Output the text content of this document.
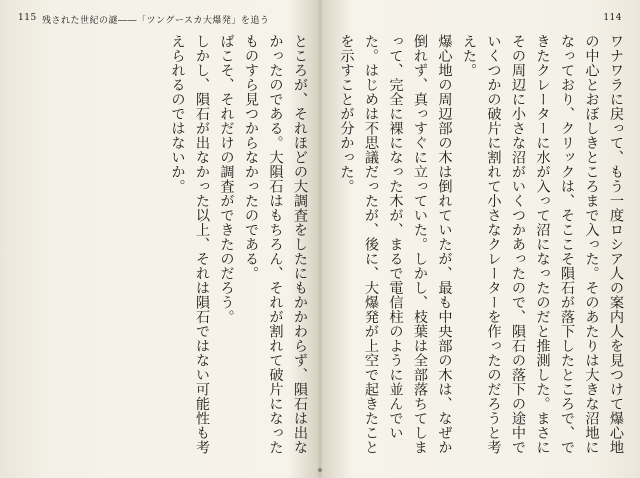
115 残された世紀の謎――「ツングースカ大爆発」を追う

ところが、それほどの大調査をしたにもかかわらず、隕石は出なかったのである。大隕石はもちろん、それが割れて破片になったものすら見つからなかったのである。

ばこそ、それだけの調査ができたのだろう。

しかし、隕石が出なかった以上、それは隕石ではない可能性も考えられるのではないか。

114

ワナワラに戻って、もう一度ロシア人の案内人を見つけて爆心地の中心とおぼしきところまで入った。そのあたりは大きな沼地になっており、クリックは、そここそ隕石が落下したところで、できたクレーターに水が入って沼になったのだと推測した。まさにその周辺に小さな沼がいくつかあったので、隕石の落下の途中でいくつかの破片に割れて小さなクレーターを作ったのだろうと考えた。

爆心地の周辺部の木は倒れていたが、最も中央部の木は、なぜか倒れず、真っすぐに立っていた。しかし、枝葉は全部落ちてしまって、完全に裸になった木が、まるで電信柱のように並んでいた。はじめは不思議だったが、後に、大爆発が上空で起きたことを示すことが分かった。
